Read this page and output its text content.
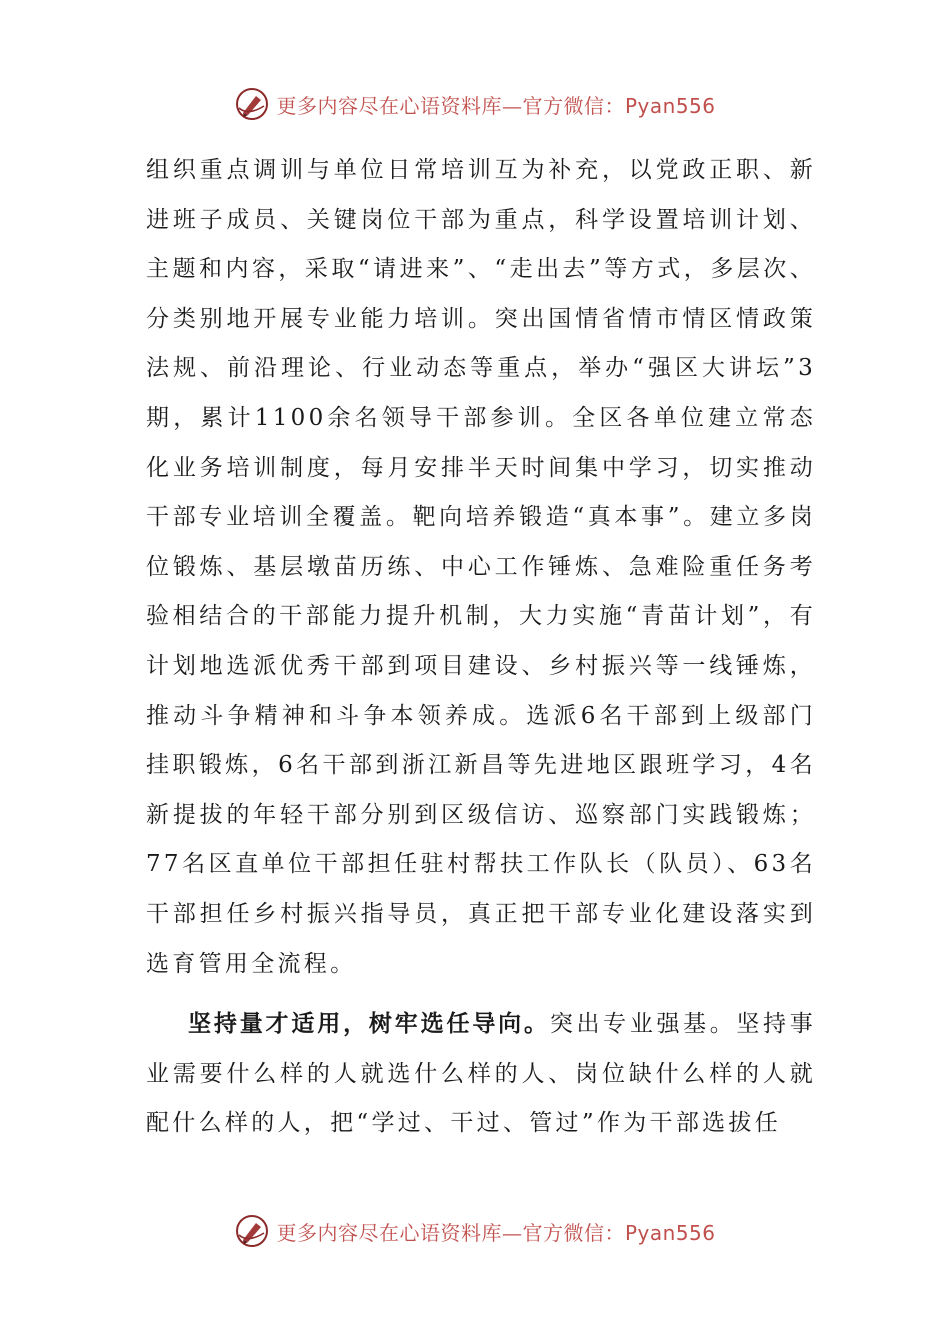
更多内容尽在心语资料库—官方微信：Pyan556

组织重点调训与单位日常培训互为补充，以党政正职、新进班子成员、关键岗位干部为重点，科学设置培训计划、主题和内容，采取“请进来”、“走出去”等方式，多层次、分类别地开展专业能力培训。突出国情省情市情区情政策法规、前沿理论、行业动态等重点，举办“强区大讲坛”3期，累计1100余名领导干部参训。全区各单位建立常态化业务培训制度，每月安排半天时间集中学习，切实推动干部专业培训全覆盖。靶向培养锻造“真本事”。建立多岗位锻炼、基层墩苗历练、中心工作锤炼、急难险重任务考验相结合的干部能力提升机制，大力实施“青苗计划”，有计划地选派优秀干部到项目建设、乡村振兴等一线锤炼，推动斗争精神和斗争本领养成。选派6名干部到上级部门挂职锻炼，6名干部到浙江新昌等先进地区跟班学习，4名新提拔的年轻干部分别到区级信访、巡察部门实践锻炼；77名区直单位干部担任驻村帮扶工作队长（队员）、63名干部担任乡村振兴指导员，真正把干部专业化建设落实到选育管用全流程。

坚持量才适用，树牢选任导向。突出专业强基。坚持事业需要什么样的人就选什么样的人、岗位缺什么样的人就配什么样的人，把“学过、干过、管过”作为干部选拔任

更多内容尽在心语资料库—官方微信：Pyan556
